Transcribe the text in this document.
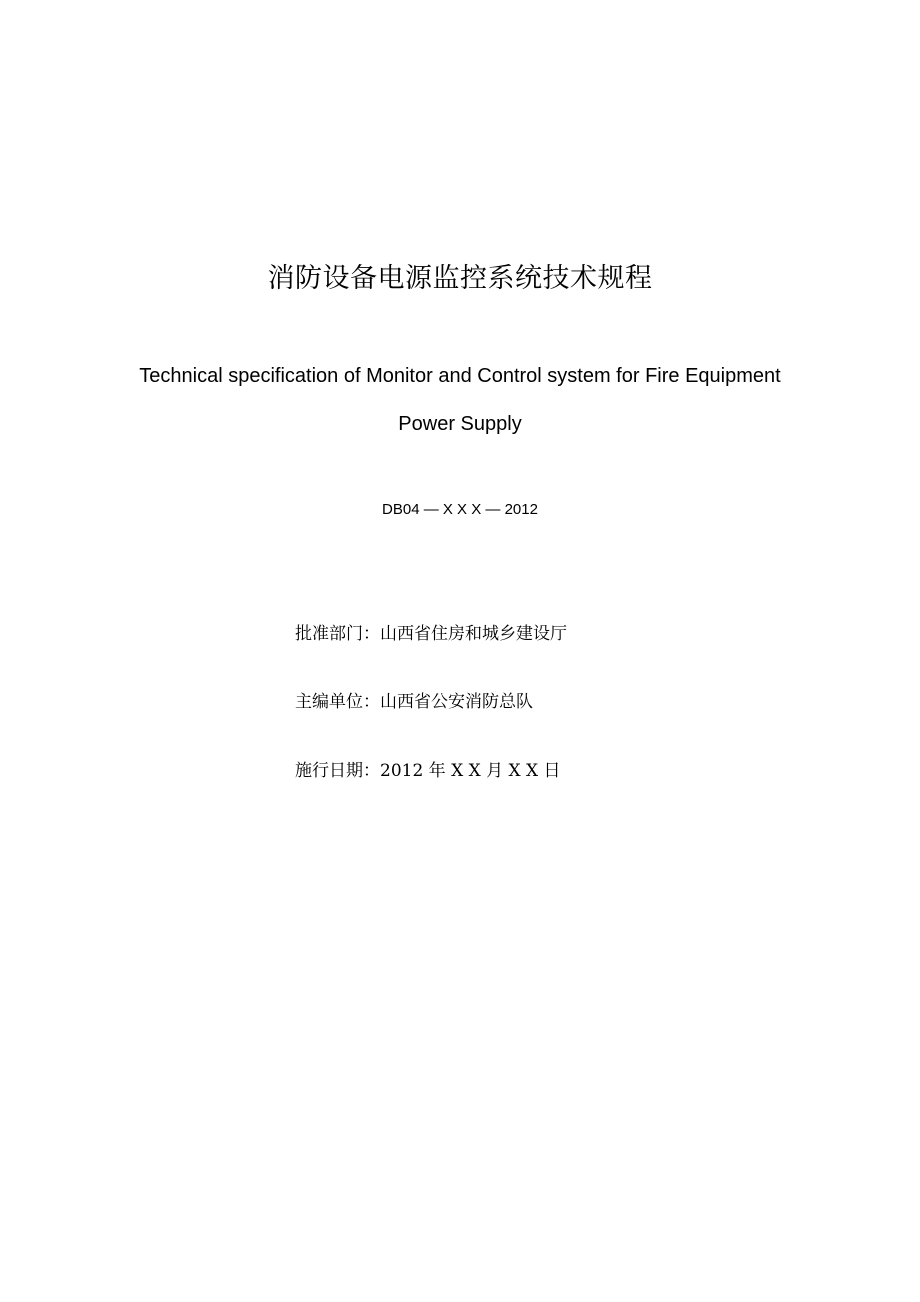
消防设备电源监控系统技术规程
Technical specification of Monitor and Control system for Fire Equipment
Power Supply
DB04 — X X X — 2012
批准部门：山西省住房和城乡建设厅
主编单位：山西省公安消防总队
施行日期：2012 年 X X 月 X X 日
